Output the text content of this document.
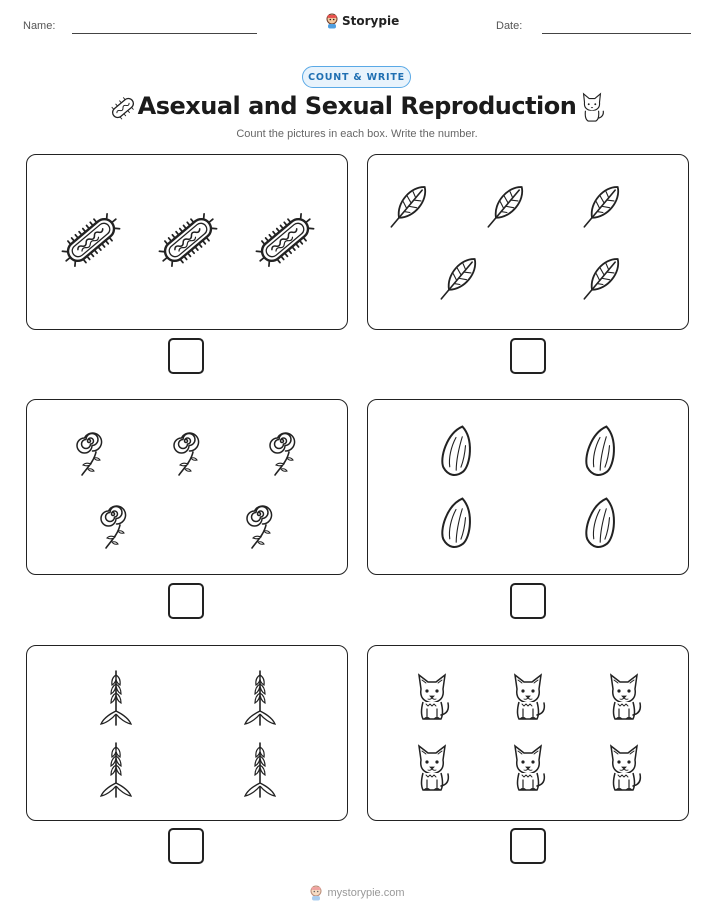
Name:	Storypie	Date:
COUNT & WRITE
Asexual and Sexual Reproduction
Count the pictures in each box. Write the number.
mystorypie.com
